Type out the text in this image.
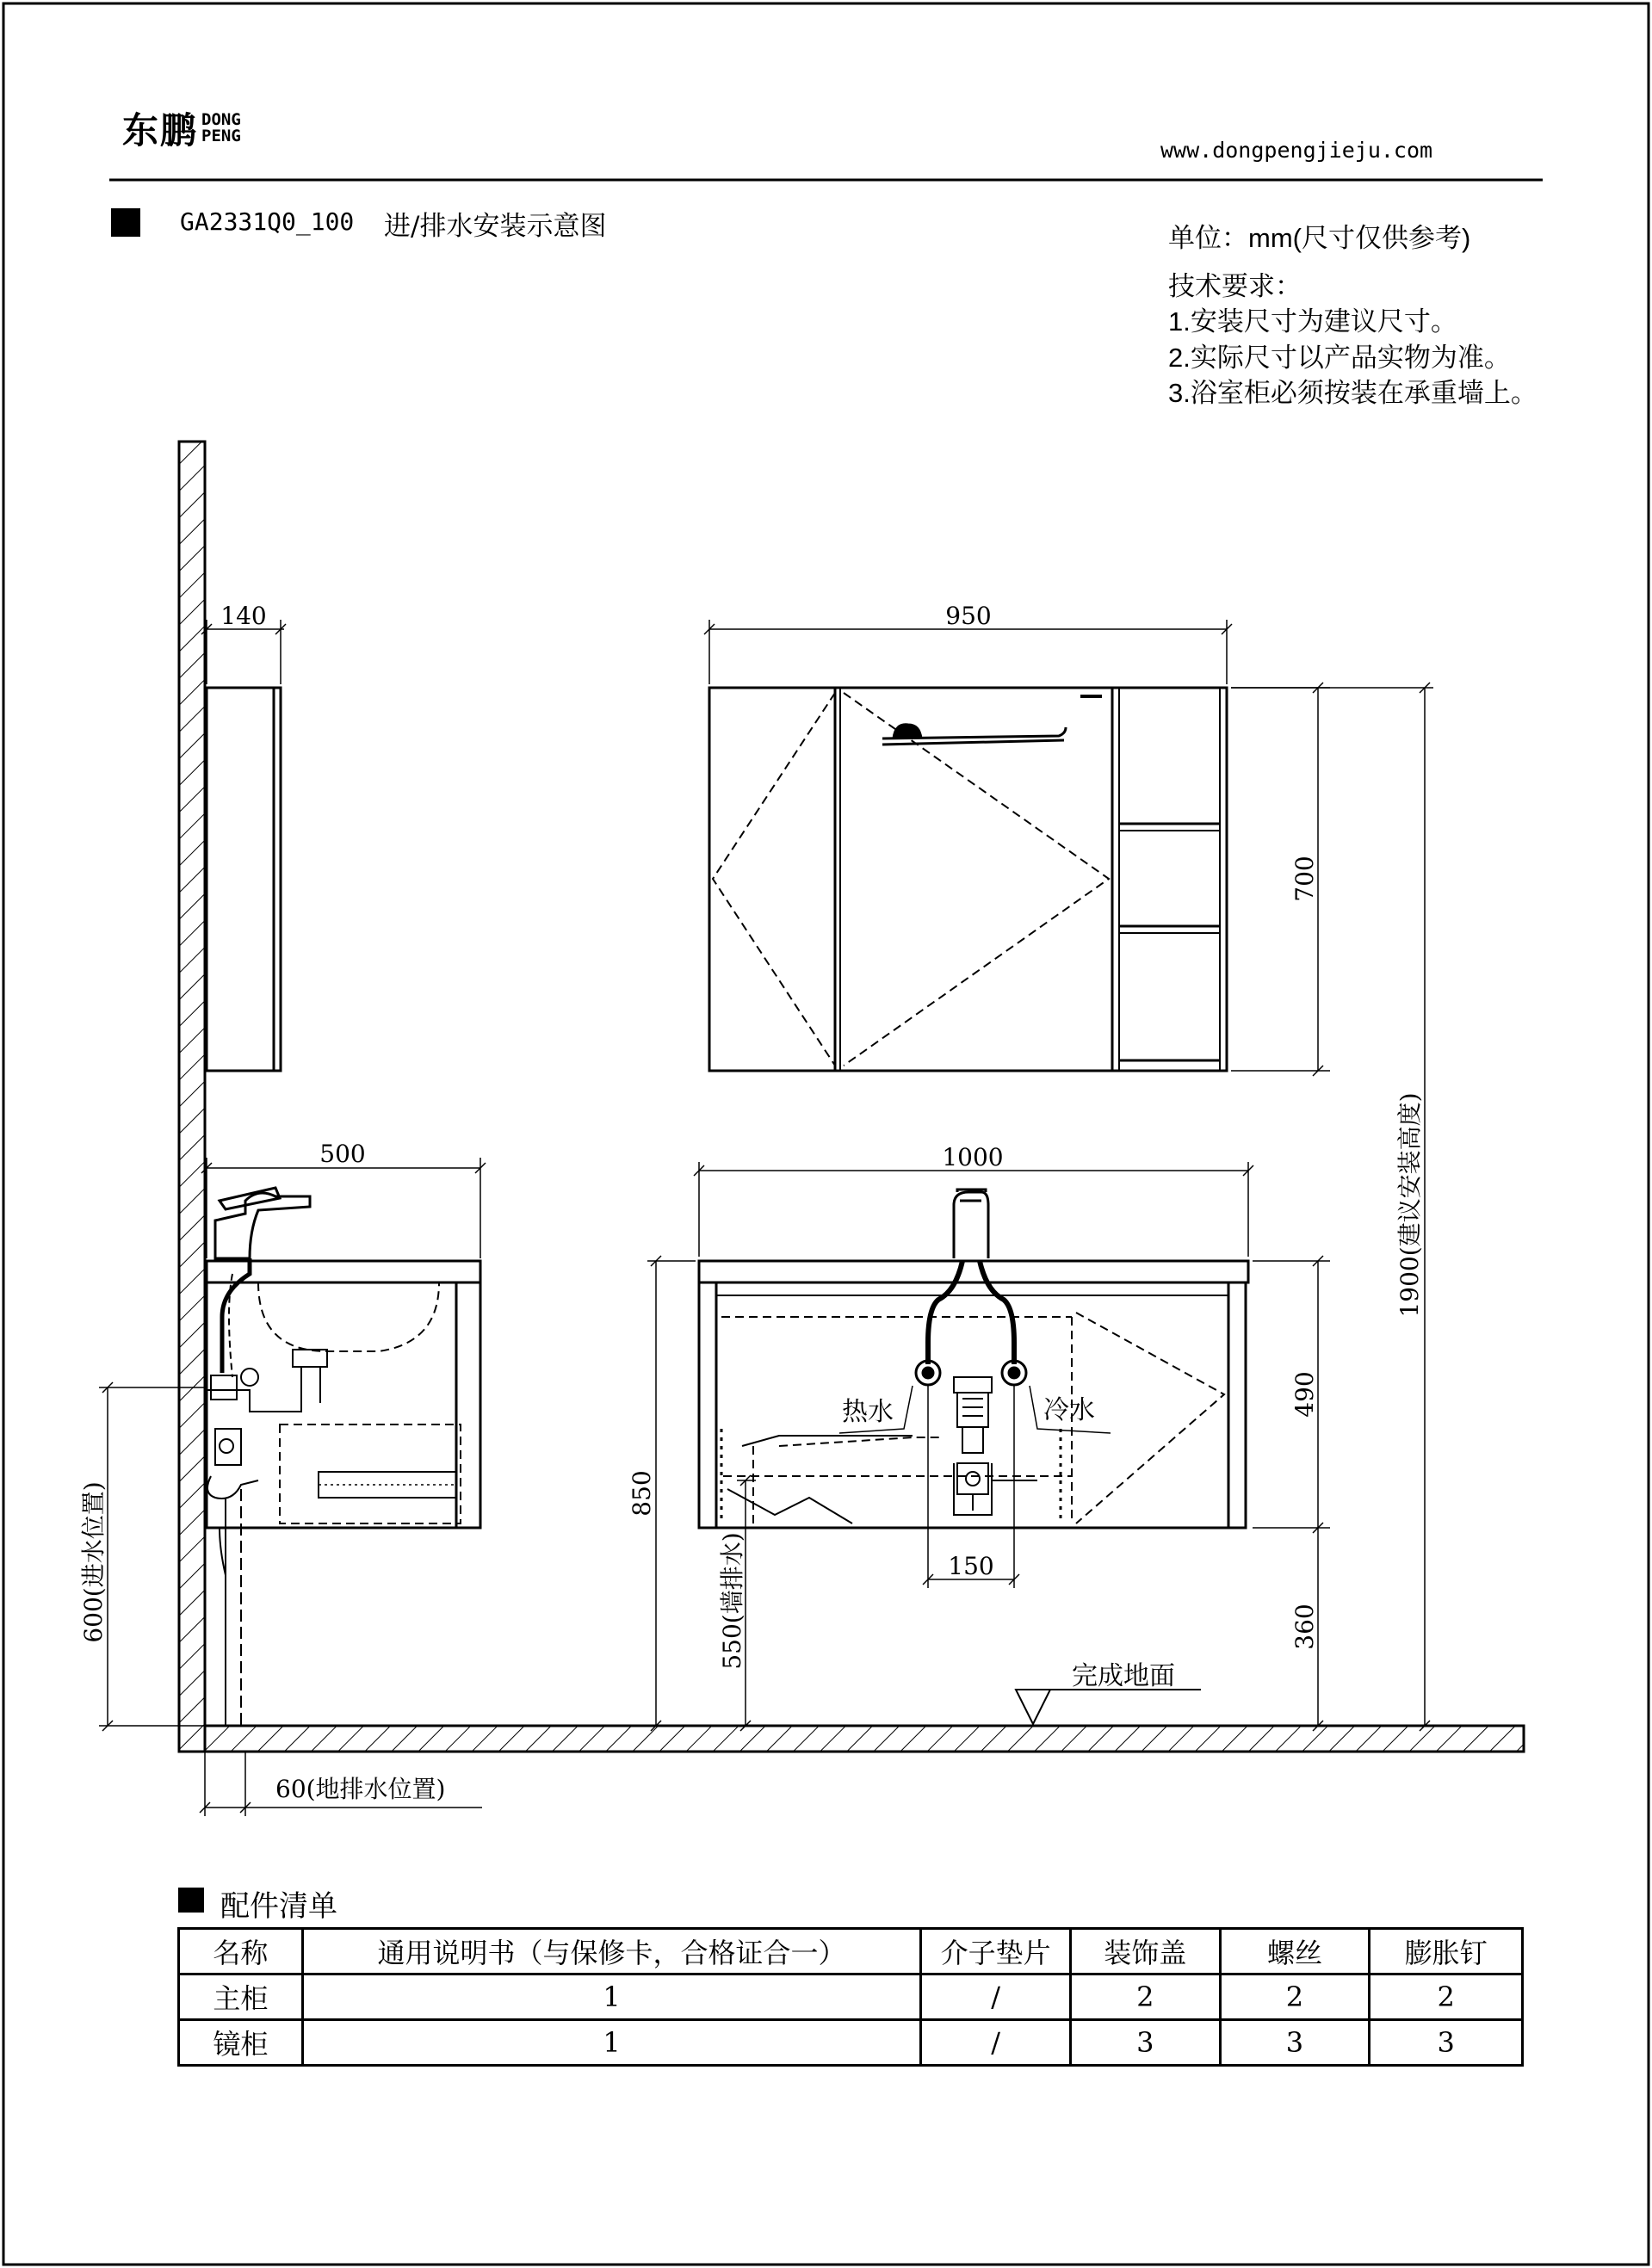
140	950
700
1900(建议安装高度)
500	1000
490
360
850
550(墙排水)
600(进水位置)	150
60(地排水位置)
热水	冷水
完成地面
东鹏 DONG
PENG
www.dongpengjieju.com
GA2331Q0_100 进/排水安装示意图	单位：mm(尺寸仅供参考)
技术要求：
1.安装尺寸为建议尺寸。
2.实际尺寸以产品实物为准。
3.浴室柜必须按装在承重墙上。
配件清单
名称	通用说明书（与保修卡，合格证合一）	介子垫片	装饰盖	螺丝	膨胀钉
主柜	1	/	2	2	2
镜柜	1	/	3	3	3
